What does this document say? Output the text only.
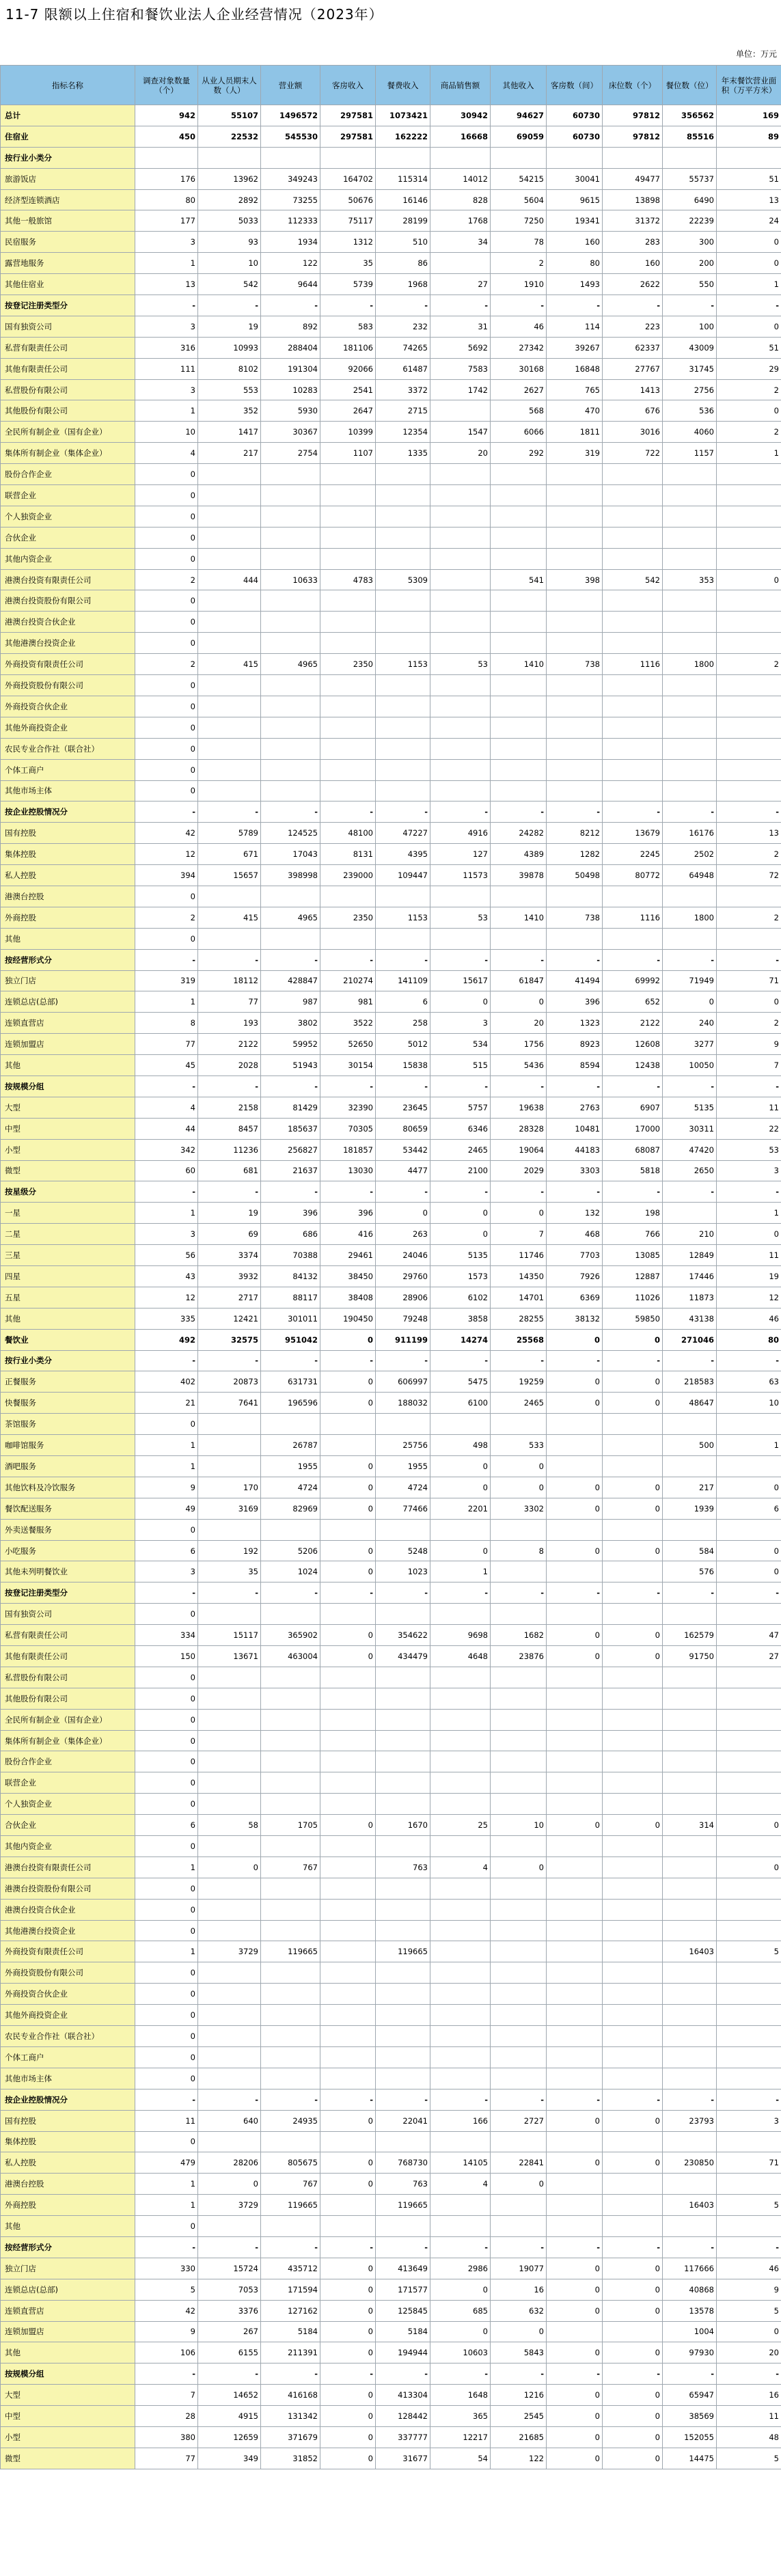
11-7 限额以上住宿和餐饮业法人企业经营情况（2023年）
单位：万元
指标名称	调查对象数量（个）	从业人员期末人数（人）	营业额	客房收入	餐费收入	商品销售额	其他收入	客房数（间）	床位数（个）	餐位数（位）	年末餐饮营业面积（万平方米）
总计	942	55107	1496572	297581	1073421	30942	94627	60730	97812	356562	169
住宿业	450	22532	545530	297581	162222	16668	69059	60730	97812	85516	89
按行业小类分											
旅游饭店	176	13962	349243	164702	115314	14012	54215	30041	49477	55737	51
经济型连锁酒店	80	2892	73255	50676	16146	828	5604	9615	13898	6490	13
其他一般旅馆	177	5033	112333	75117	28199	1768	7250	19341	31372	22239	24
民宿服务	3	93	1934	1312	510	34	78	160	283	300	0
露营地服务	1	10	122	35	86		2	80	160	200	0
其他住宿业	13	542	9644	5739	1968	27	1910	1493	2622	550	1
按登记注册类型分	-	-	-	-	-	-	-	-	-	-	-
国有独资公司	3	19	892	583	232	31	46	114	223	100	0
私营有限责任公司	316	10993	288404	181106	74265	5692	27342	39267	62337	43009	51
其他有限责任公司	111	8102	191304	92066	61487	7583	30168	16848	27767	31745	29
私营股份有限公司	3	553	10283	2541	3372	1742	2627	765	1413	2756	2
其他股份有限公司	1	352	5930	2647	2715		568	470	676	536	0
全民所有制企业（国有企业）	10	1417	30367	10399	12354	1547	6066	1811	3016	4060	2
集体所有制企业（集体企业）	4	217	2754	1107	1335	20	292	319	722	1157	1
股份合作企业	0										
联营企业	0										
个人独资企业	0										
合伙企业	0										
其他内资企业	0										
港澳台投资有限责任公司	2	444	10633	4783	5309		541	398	542	353	0
港澳台投资股份有限公司	0										
港澳台投资合伙企业	0										
其他港澳台投资企业	0										
外商投资有限责任公司	2	415	4965	2350	1153	53	1410	738	1116	1800	2
外商投资股份有限公司	0										
外商投资合伙企业	0										
其他外商投资企业	0										
农民专业合作社（联合社）	0										
个体工商户	0										
其他市场主体	0										
按企业控股情况分	-	-	-	-	-	-	-	-	-	-	-
国有控股	42	5789	124525	48100	47227	4916	24282	8212	13679	16176	13
集体控股	12	671	17043	8131	4395	127	4389	1282	2245	2502	2
私人控股	394	15657	398998	239000	109447	11573	39878	50498	80772	64948	72
港澳台控股	0										
外商控股	2	415	4965	2350	1153	53	1410	738	1116	1800	2
其他	0										
按经营形式分	-	-	-	-	-	-	-	-	-	-	-
独立门店	319	18112	428847	210274	141109	15617	61847	41494	69992	71949	71
连锁总店(总部)	1	77	987	981	6	0	0	396	652	0	0
连锁直营店	8	193	3802	3522	258	3	20	1323	2122	240	2
连锁加盟店	77	2122	59952	52650	5012	534	1756	8923	12608	3277	9
其他	45	2028	51943	30154	15838	515	5436	8594	12438	10050	7
按规模分组	-	-	-	-	-	-	-	-	-	-	-
大型	4	2158	81429	32390	23645	5757	19638	2763	6907	5135	11
中型	44	8457	185637	70305	80659	6346	28328	10481	17000	30311	22
小型	342	11236	256827	181857	53442	2465	19064	44183	68087	47420	53
微型	60	681	21637	13030	4477	2100	2029	3303	5818	2650	3
按星级分	-	-	-	-	-	-	-	-	-	-	-
一星	1	19	396	396	0	0	0	132	198		1
二星	3	69	686	416	263	0	7	468	766	210	0
三星	56	3374	70388	29461	24046	5135	11746	7703	13085	12849	11
四星	43	3932	84132	38450	29760	1573	14350	7926	12887	17446	19
五星	12	2717	88117	38408	28906	6102	14701	6369	11026	11873	12
其他	335	12421	301011	190450	79248	3858	28255	38132	59850	43138	46
餐饮业	492	32575	951042	0	911199	14274	25568	0	0	271046	80
按行业小类分	-	-	-	-	-	-	-	-	-	-	-
正餐服务	402	20873	631731	0	606997	5475	19259	0	0	218583	63
快餐服务	21	7641	196596	0	188032	6100	2465	0	0	48647	10
茶馆服务	0										
咖啡馆服务	1		26787		25756	498	533			500	1
酒吧服务	1		1955	0	1955	0	0				
其他饮料及冷饮服务	9	170	4724	0	4724	0	0	0	0	217	0
餐饮配送服务	49	3169	82969	0	77466	2201	3302	0	0	1939	6
外卖送餐服务	0										
小吃服务	6	192	5206	0	5248	0	8	0	0	584	0
其他未列明餐饮业	3	35	1024	0	1023	1				576	0
按登记注册类型分	-	-	-	-	-	-	-	-	-	-	-
国有独资公司	0										
私营有限责任公司	334	15117	365902	0	354622	9698	1682	0	0	162579	47
其他有限责任公司	150	13671	463004	0	434479	4648	23876	0	0	91750	27
私营股份有限公司	0										
其他股份有限公司	0										
全民所有制企业（国有企业）	0										
集体所有制企业（集体企业）	0										
股份合作企业	0										
联营企业	0										
个人独资企业	0										
合伙企业	6	58	1705	0	1670	25	10	0	0	314	0
其他内资企业	0										
港澳台投资有限责任公司	1	0	767		763	4	0				0
港澳台投资股份有限公司	0										
港澳台投资合伙企业	0										
其他港澳台投资企业	0										
外商投资有限责任公司	1	3729	119665		119665					16403	5
外商投资股份有限公司	0										
外商投资合伙企业	0										
其他外商投资企业	0										
农民专业合作社（联合社）	0										
个体工商户	0										
其他市场主体	0										
按企业控股情况分	-	-	-	-	-	-	-	-	-	-	-
国有控股	11	640	24935	0	22041	166	2727	0	0	23793	3
集体控股	0										
私人控股	479	28206	805675	0	768730	14105	22841	0	0	230850	71
港澳台控股	1	0	767	0	763	4	0				
外商控股	1	3729	119665		119665					16403	5
其他	0										
按经营形式分	-	-	-	-	-	-	-	-	-	-	-
独立门店	330	15724	435712	0	413649	2986	19077	0	0	117666	46
连锁总店(总部)	5	7053	171594	0	171577	0	16	0	0	40868	9
连锁直营店	42	3376	127162	0	125845	685	632	0	0	13578	5
连锁加盟店	9	267	5184	0	5184	0	0			1004	0
其他	106	6155	211391	0	194944	10603	5843	0	0	97930	20
按规模分组	-	-	-	-	-	-	-	-	-	-	-
大型	7	14652	416168	0	413304	1648	1216	0	0	65947	16
中型	28	4915	131342	0	128442	365	2545	0	0	38569	11
小型	380	12659	371679	0	337777	12217	21685	0	0	152055	48
微型	77	349	31852	0	31677	54	122	0	0	14475	5
